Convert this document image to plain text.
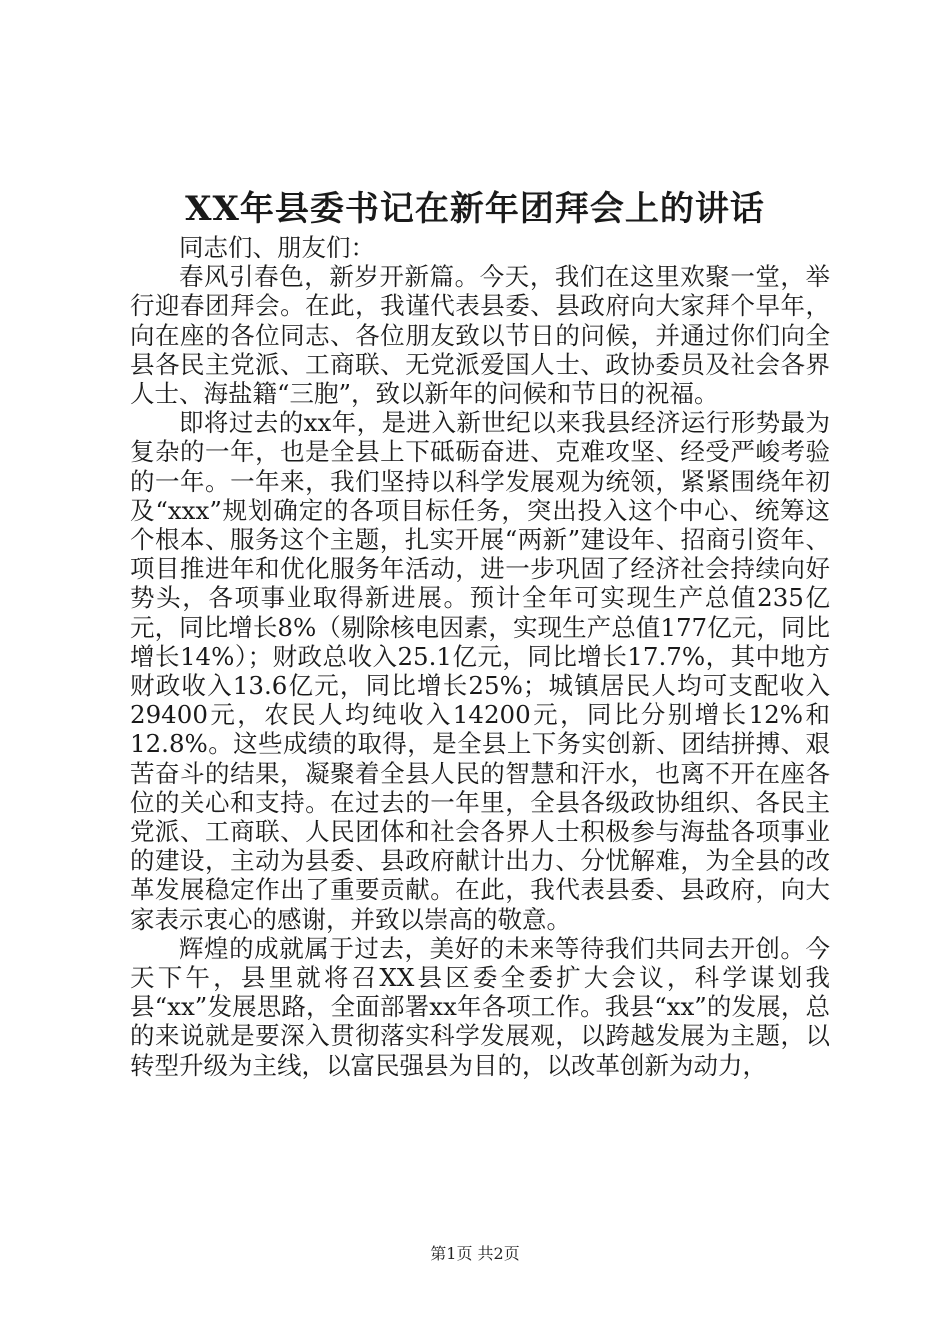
XX年县委书记在新年团拜会上的讲话

同志们、朋友们：

春风引春色，新岁开新篇。今天，我们在这里欢聚一堂，举行迎春团拜会。在此，我谨代表县委、县政府向大家拜个早年，向在座的各位同志、各位朋友致以节日的问候，并通过你们向全县各民主党派、工商联、无党派爱国人士、政协委员及社会各界人士、海盐籍“三胞”，致以新年的问候和节日的祝福。

即将过去的xx年，是进入新世纪以来我县经济运行形势最为复杂的一年，也是全县上下砥砺奋进、克难攻坚、经受严峻考验的一年。一年来，我们坚持以科学发展观为统领，紧紧围绕年初及“xxx”规划确定的各项目标任务，突出投入这个中心、统筹这个根本、服务这个主题，扎实开展“两新”建设年、招商引资年、项目推进年和优化服务年活动，进一步巩固了经济社会持续向好势头，各项事业取得新进展。预计全年可实现生产总值235亿元，同比增长8%（剔除核电因素，实现生产总值177亿元，同比增长14%）；财政总收入25.1亿元，同比增长17.7%，其中地方财政收入13.6亿元，同比增长25%；城镇居民人均可支配收入29400元，农民人均纯收入14200元，同比分别增长12%和12.8%。这些成绩的取得，是全县上下务实创新、团结拼搏、艰苦奋斗的结果，凝聚着全县人民的智慧和汗水，也离不开在座各位的关心和支持。在过去的一年里，全县各级政协组织、各民主党派、工商联、人民团体和社会各界人士积极参与海盐各项事业的建设，主动为县委、县政府献计出力、分忧解难，为全县的改革发展稳定作出了重要贡献。在此，我代表县委、县政府，向大家表示衷心的感谢，并致以崇高的敬意。

辉煌的成就属于过去，美好的未来等待我们共同去开创。今天下午，县里就将召XX县区委全委扩大会议，科学谋划我县“xx”发展思路，全面部署xx年各项工作。我县“xx”的发展，总的来说就是要深入贯彻落实科学发展观，以跨越发展为主题，以转型升级为主线，以富民强县为目的，以改革创新为动力，

第1页 共2页
